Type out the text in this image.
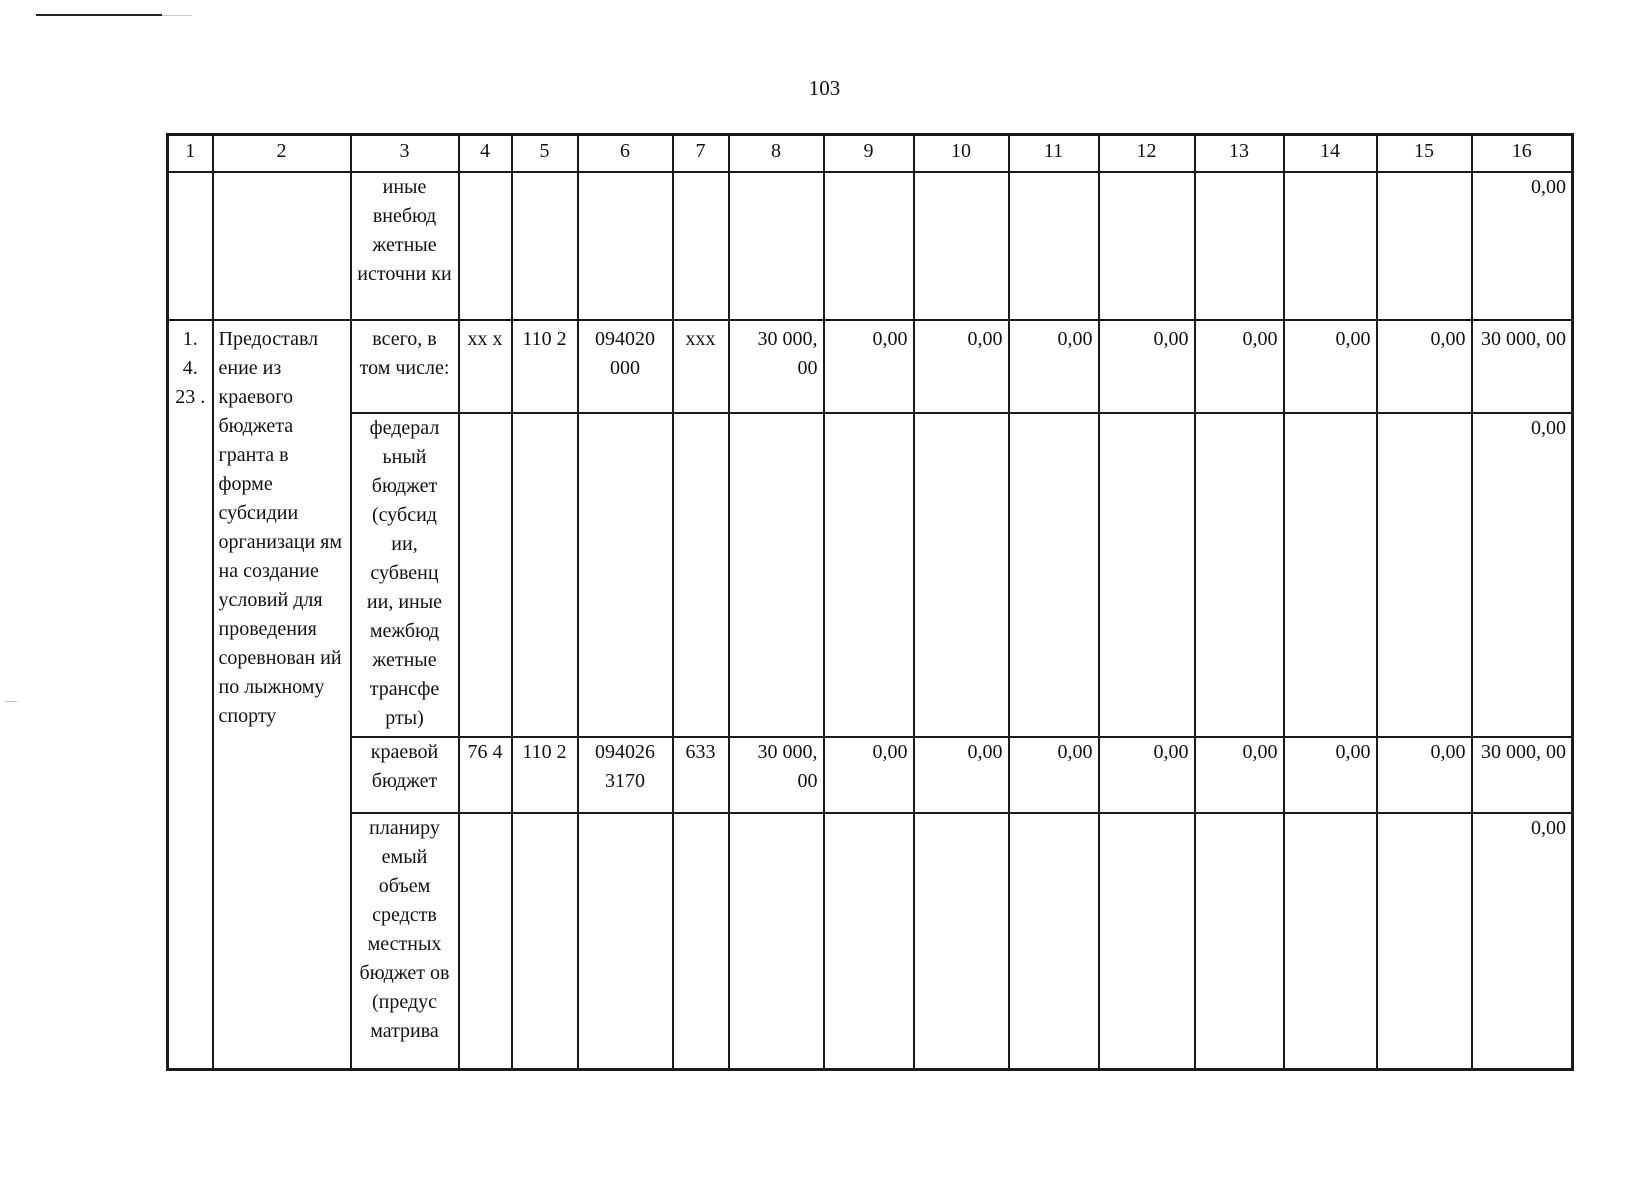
103
1	2	3	4	5	6	7	8	9	10	11	12	13	14	15	16
		иные внебюд жетные источни ки													0,00
1. 4. 23 .	Предоставл ение из краевого бюджета гранта в форме субсидии организаци ям на создание условий для проведения соревнован ий по лыжному спорту	всего, в том числе:	хх х	110 2	094020 000	ххх	30 000, 00	0,00	0,00	0,00	0,00	0,00	0,00	0,00	30 000, 00
		федерал ьный бюджет (субсид ии, субвенц ии, иные межбюд жетные трансфе рты)													0,00
		краевой бюджет	76 4	110 2	094026 3170	633	30 000, 00	0,00	0,00	0,00	0,00	0,00	0,00	0,00	30 000, 00
		планиру емый объем средств местных бюджет ов (предус матрива													0,00
